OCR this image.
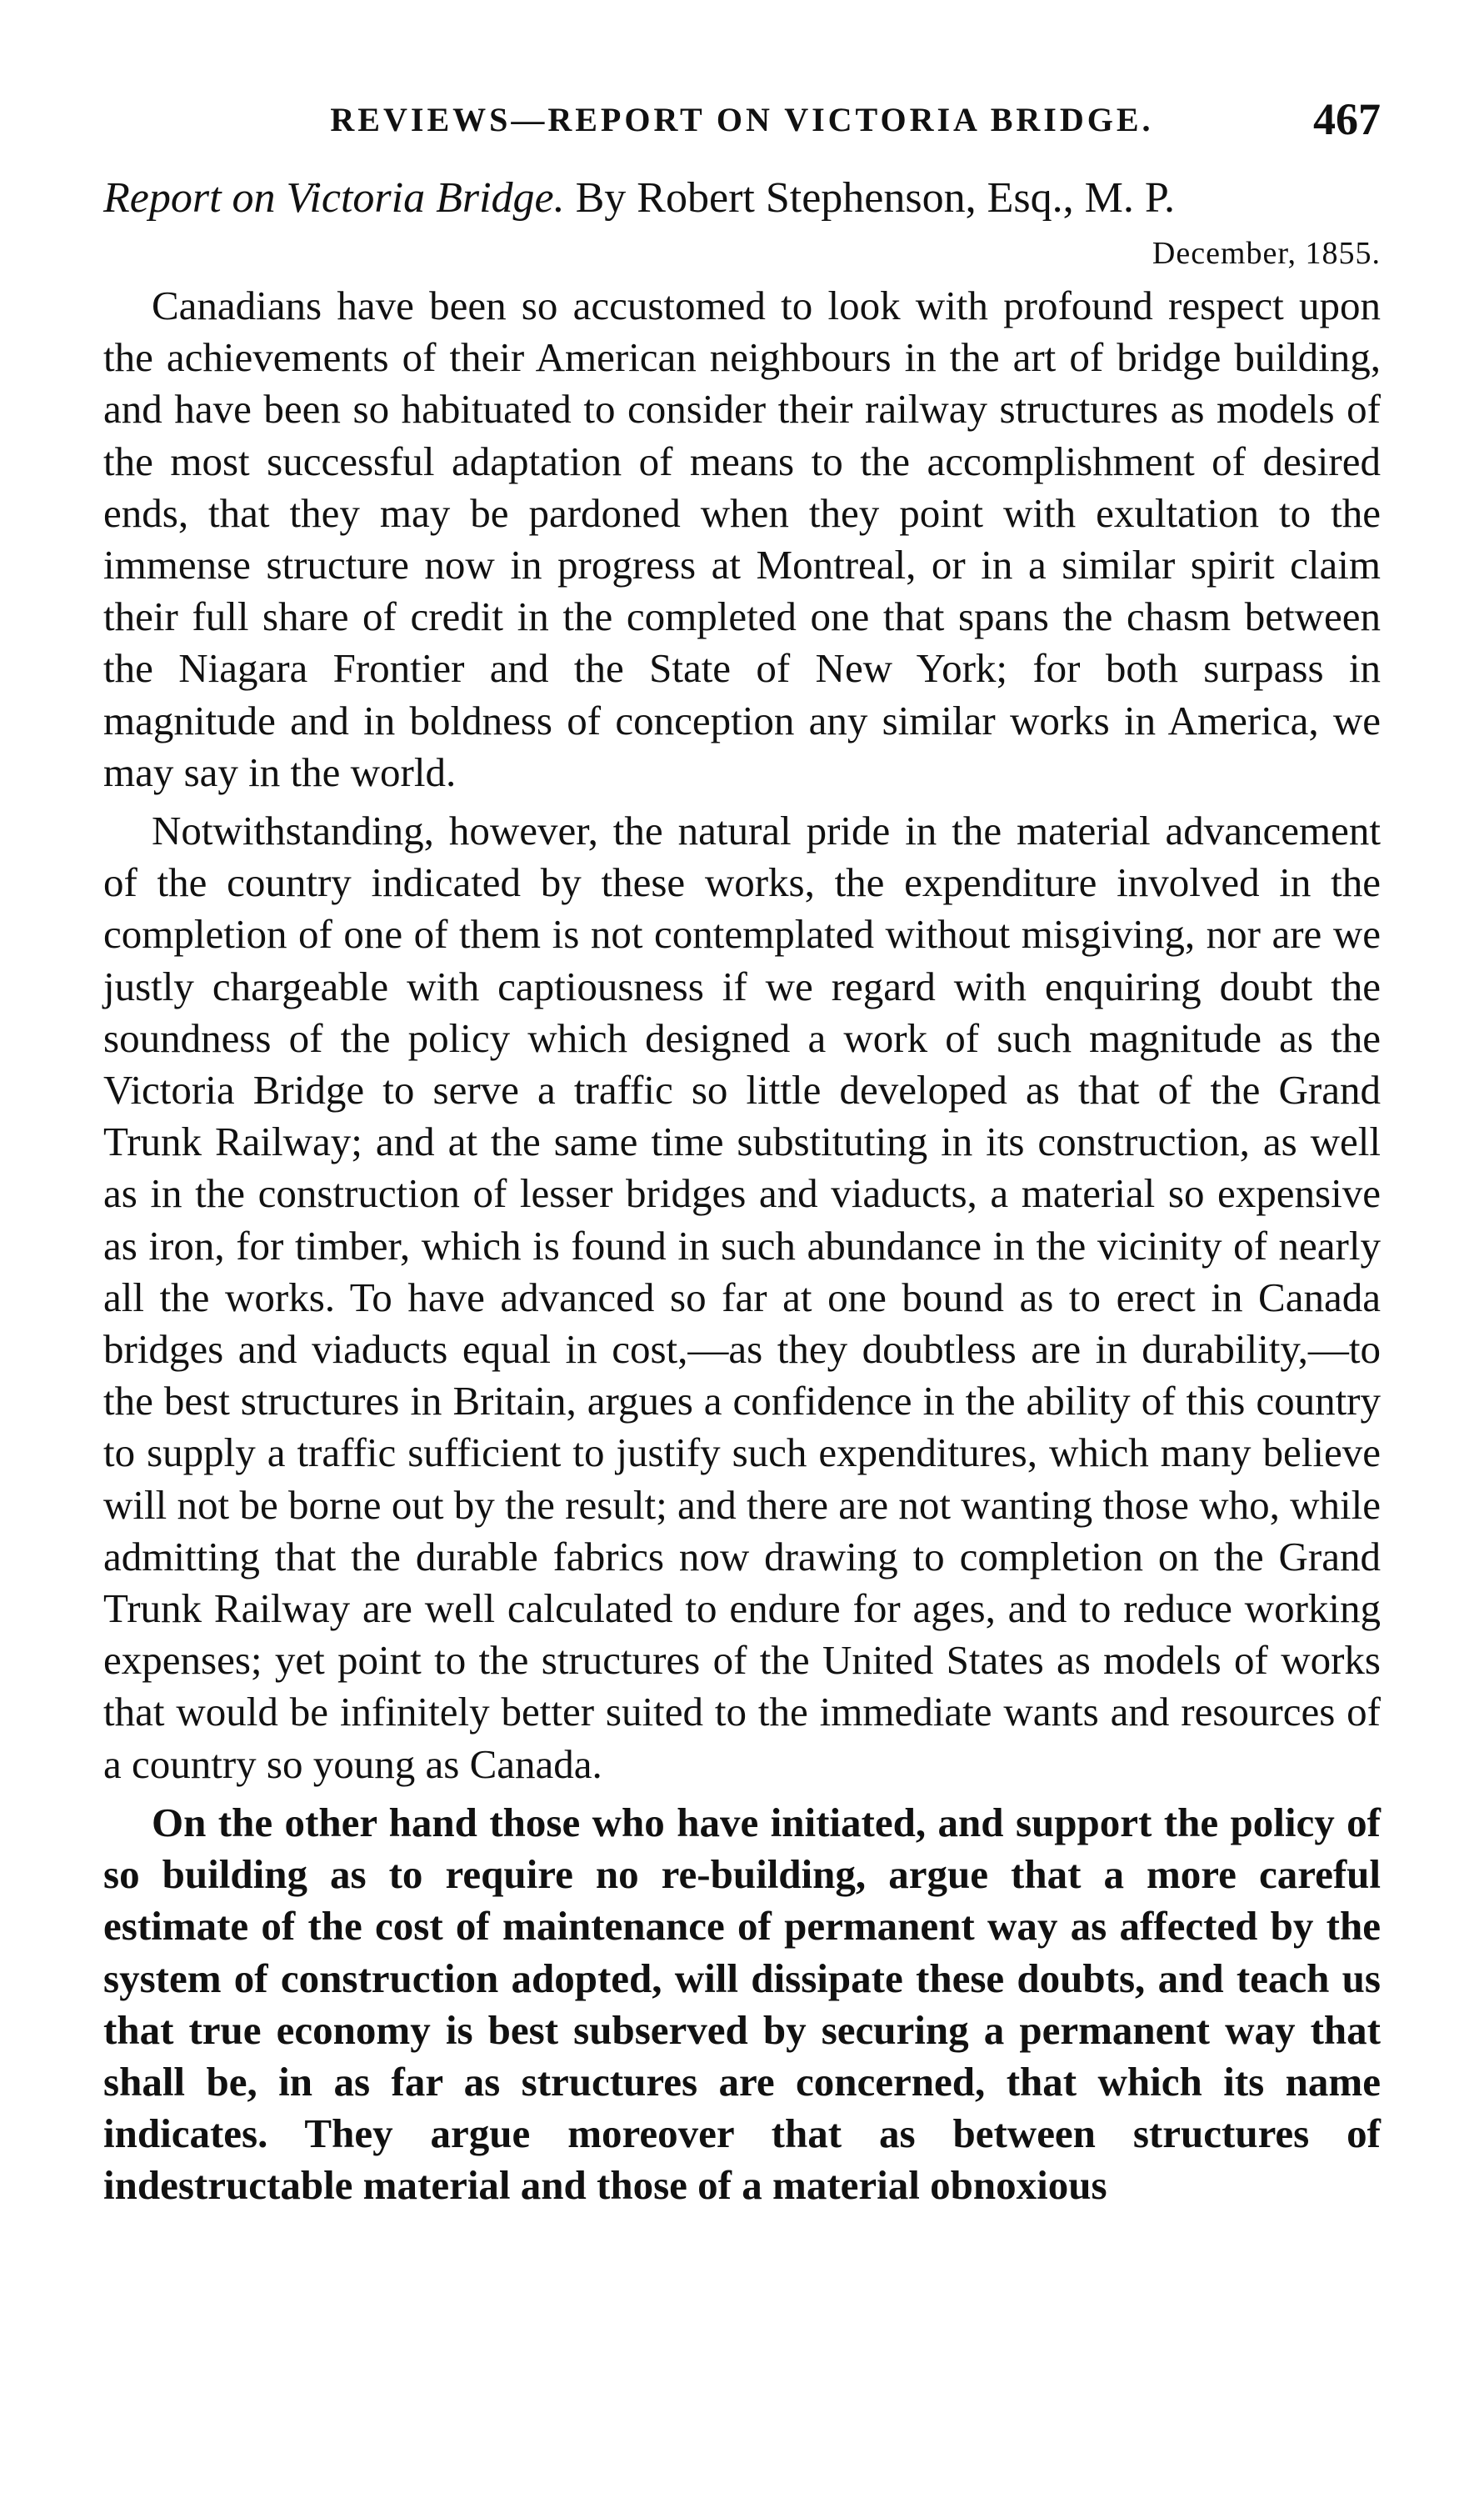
REVIEWS—REPORT ON VICTORIA BRIDGE.	467
Report on Victoria Bridge. By Robert Stephenson, Esq., M. P.
December, 1855.

Canadians have been so accustomed to look with profound respect upon the achievements of their American neighbours in the art of bridge building, and have been so habituated to consider their railway structures as models of the most successful adaptation of means to the accomplishment of desired ends, that they may be pardoned when they point with exultation to the immense structure now in progress at Montreal, or in a similar spirit claim their full share of credit in the completed one that spans the chasm between the Niagara Frontier and the State of New York; for both surpass in magnitude and in boldness of conception any similar works in America, we may say in the world.

Notwithstanding, however, the natural pride in the material advancement of the country indicated by these works, the expenditure involved in the completion of one of them is not contemplated without misgiving, nor are we justly chargeable with captiousness if we regard with enquiring doubt the soundness of the policy which designed a work of such magnitude as the Victoria Bridge to serve a traffic so little developed as that of the Grand Trunk Railway; and at the same time substituting in its construction, as well as in the construction of lesser bridges and viaducts, a material so expensive as iron, for timber, which is found in such abundance in the vicinity of nearly all the works. To have advanced so far at one bound as to erect in Canada bridges and viaducts equal in cost,—as they doubtless are in durability,—to the best structures in Britain, argues a confidence in the ability of this country to supply a traffic sufficient to justify such expenditures, which many believe will not be borne out by the result; and there are not wanting those who, while admitting that the durable fabrics now drawing to completion on the Grand Trunk Railway are well calculated to endure for ages, and to reduce working expenses; yet point to the structures of the United States as models of works that would be infinitely better suited to the immediate wants and resources of a country so young as Canada.

On the other hand those who have initiated, and support the policy of so building as to require no re-building, argue that a more careful estimate of the cost of maintenance of permanent way as affected by the system of construction adopted, will dissipate these doubts, and teach us that true economy is best subserved by securing a permanent way that shall be, in as far as structures are concerned, that which its name indicates. They argue moreover that as between structures of indestructable material and those of a material obnoxious
